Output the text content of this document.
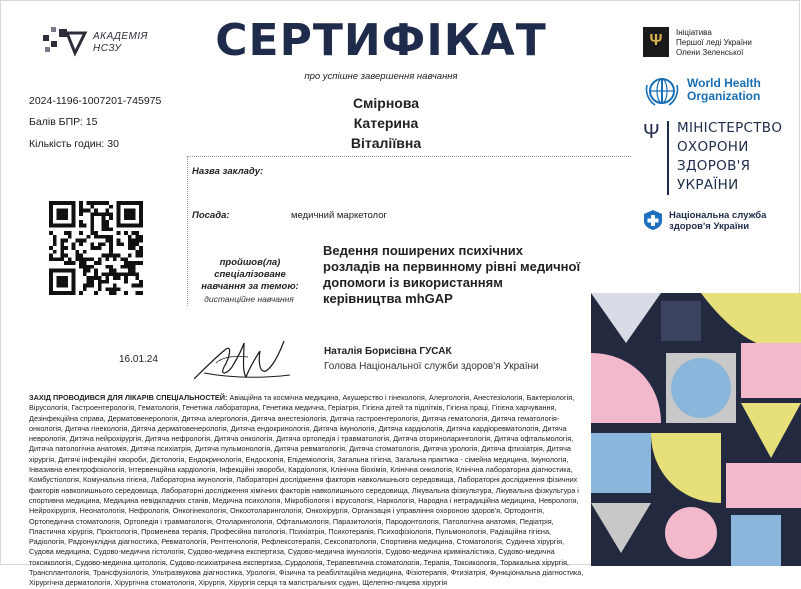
АКАДЕМІЯ
НСЗУ	СЕРТИФІКАТ
про успішне завершення навчання
2024-1196-1007201-745975
Балів БПР: 15
Кількість годин: 30
Смірнова
Катерина
Віталіївна
Назва закладу:
Посада:	медичний маркетолог
пройшов(ла)
спеціалізоване
навчання за темою:
дистанційне навчання
Ведення поширених психічних
розладів на первинному рівні медичної
допомоги із використанням
керівництва mhGAP
16.01.24
Наталія Борисівна ГУСАК
Голова Національної служби здоров'я України
Ψ	Ініціатива
Першої леді України
Олени Зеленської
World Health
Organization
Ψ МІНІСТЕРСТВО
ОХОРОНИ
ЗДОРОВ'Я
УКРАЇНИ
Національна служба
здоров'я України
ЗАХІД ПРОВОДИВСЯ ДЛЯ ЛІКАРІВ СПЕЦІАЛЬНОСТЕЙ: Авіаційна та космічна медицина, Акушерство і гінекологія, Алергологія, Анестезіологія, Бактеріологія, Вірусологія, Гастроентерологія, Гематологія, Генетика лабораторна, Генетика медична, Геріатрія, Гігієна дітей та підлітків, Гігієна праці, Гігієна харчування, Дезінфекційна справа, Дерматовенерологія, Дитяча алергологія, Дитяча анестезіологія, Дитяча гастроентерологія, Дитяча гематологія, Дитяча гематологія-онкологія, Дитяча гінекологія, Дитяча дерматовенерологія, Дитяча ендокринологія, Дитяча імунологія, Дитяча кардіологія, Дитяча кардіоревматологія, Дитяча неврологія, Дитяча нейрохірургія, Дитяча нефрологія, Дитяча онкологія, Дитяча ортопедія і травматологія, Дитяча оториноларингологія, Дитяча офтальмологія, Дитяча патологічна анатомія, Дитяча психіатрія, Дитяча пульмонологія, Дитяча ревматологія, Дитяча стоматологія, Дитяча урологія, Дитяча фтизіатрія, Дитяча хірургія, Дитячі інфекційні хвороби, Дієтологія, Ендокринологія, Ендоскопія, Епідеміологія, Загальна гігієна, Загальна практика - сімейна медицина, Імунологія, Інвазивна електрофізіологія, Інтервенційна кардіологія, Інфекційні хвороби, Кардіологія, Клінічна біохімія, Клінічна онкологія, Клінічна лабораторна діагностика, Комбустіологія, Комунальна гігієна, Лабораторна імунологія, Лабораторні дослідження факторів навколишнього середовища, Лабораторні дослідження фізичних факторів навколишнього середовища, Лабораторні дослідження хімічних факторів навколишнього середовища, Лікувальна фізкультура, Лікувальна фізкультура і спортивна медицина, Медицина невідкладних станів, Медична психологія, Мікробіологія і вірусологія, Наркологія, Народна і нетрадиційна медицина, Неврологія, Нейрохірургія, Неонатологія, Нефрологія, Онкогінекологія, Онкоотоларингологія, Онкохірургія, Організація і управління охороною здоров'я, Ортодонтія, Ортопедична стоматологія, Ортопедія і травматологія, Отоларингологія, Офтальмологія, Паразитологія, Пародонтологія, Патологічна анатомія, Педіатрія, Пластична хірургія, Проктологія, Променева терапія, Професійна патологія, Психіатрія, Психотерапія, Психофізіологія, Пульмонологія, Радіаційна гігієна, Радіологія, Радіонуклідна діагностика, Ревматологія, Рентгенологія, Рефлексотерапія, Сексопатологія, Спортивна медицина, Стоматологія, Судинна хірургія, Судова медицина, Судово-медична гістологія, Судово-медична експертиза, Судово-медична імунологія, Судово-медична криміналістика, Судово-медична токсикологія, Судово-медична цитологія, Судово-психіатрична експертиза, Сурдологія, Терапевтична стоматологія, Терапія, Токсикологія, Торакальна хірургія, Трансплантологія, Трансфузіологія, Ультразвукова діагностика, Урологія, Фізична та реабілітаційна медицина, Фізіотерапія, Фтизіатрія, Функціональна діагностика, Хірургічна дерматологія, Хірургічна стоматологія, Хірургія, Хірургія серця та магістральних судин, Щелепно-лицева хірургія
